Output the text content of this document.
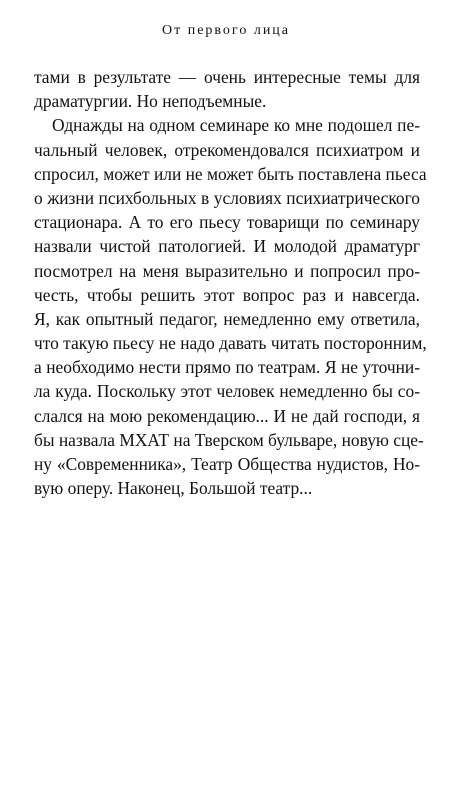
От первого лица
тами в результате — очень интересные темы для
драматургии. Но неподъемные.
Однажды на одном семинаре ко мне подошел пе-
чальный человек, отрекомендовался психиатром и
спросил, может или не может быть поставлена пьеса
о жизни психбольных в условиях психиатрического
стационара. А то его пьесу товарищи по семинару
назвали чистой патологией. И молодой драматург
посмотрел на меня выразительно и попросил про-
честь, чтобы решить этот вопрос раз и навсегда.
Я, как опытный педагог, немедленно ему ответила,
что такую пьесу не надо давать читать посторонним,
а необходимо нести прямо по театрам. Я не уточни-
ла куда. Поскольку этот человек немедленно бы со-
слался на мою рекомендацию... И не дай господи, я
бы назвала МХАТ на Тверском бульваре, новую сце-
ну «Современника», Театр Общества нудистов, Но-
вую оперу. Наконец, Большой театр...
